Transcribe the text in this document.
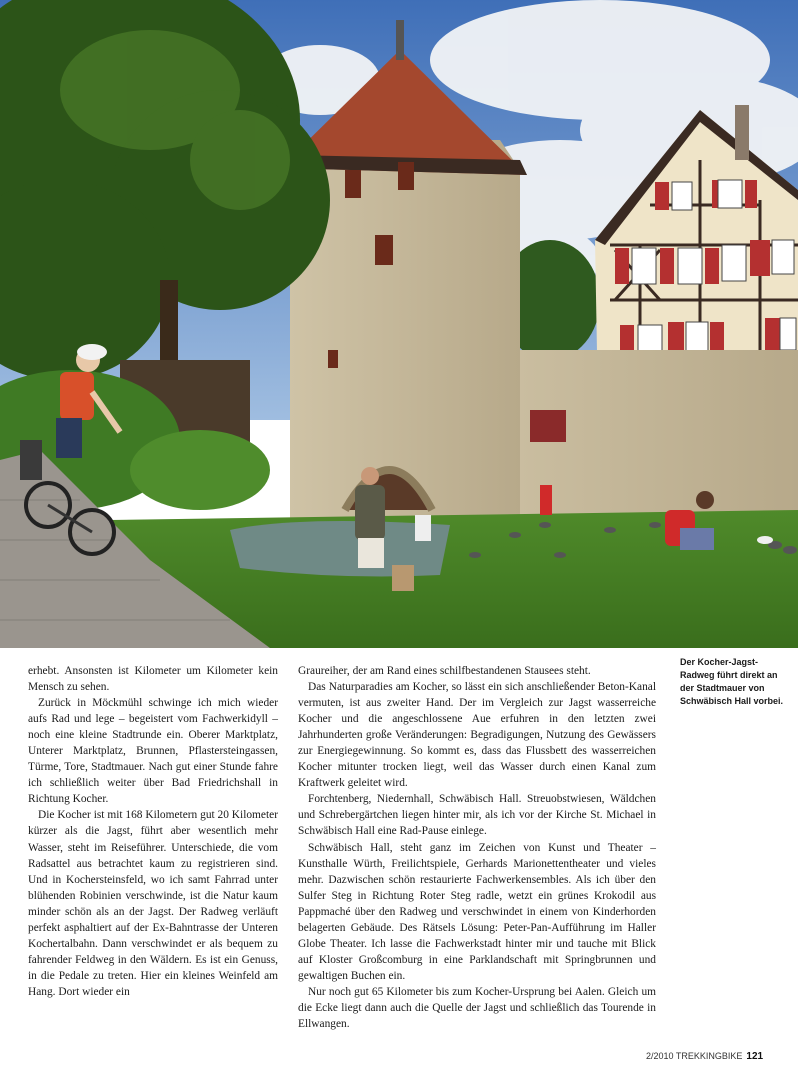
erhebt. Ansonsten ist Kilometer um Kilometer kein Mensch zu sehen.

Zurück in Möckmühl schwinge ich mich wieder aufs Rad und lege – begeistert vom Fachwerkidyll – noch eine kleine Stadtrunde ein. Oberer Marktplatz, Unterer Marktplatz, Brunnen, Pflastersteingassen, Türme, Tore, Stadtmauer. Nach gut einer Stunde fahre ich schließlich weiter über Bad Friedrichshall in Richtung Kocher.

Die Kocher ist mit 168 Kilometern gut 20 Kilometer kürzer als die Jagst, führt aber wesentlich mehr Wasser, steht im Reiseführer. Unterschiede, die vom Radsattel aus betrachtet kaum zu registrieren sind. Und in Kochersteinsfeld, wo ich samt Fahrrad unter blühenden Robinien verschwinde, ist die Natur kaum minder schön als an der Jagst. Der Radweg verläuft perfekt asphaltiert auf der Ex-Bahntrasse der Unteren Kochertalbahn. Dann verschwindet er als bequem zu fahrender Feldweg in den Wäldern. Es ist ein Genuss, in die Pedale zu treten. Hier ein kleines Weinfeld am Hang. Dort wieder ein

Graureiher, der am Rand eines schilfbestandenen Stausees steht.

Das Naturparadies am Kocher, so lässt ein sich anschließender Beton-Kanal vermuten, ist aus zweiter Hand. Der im Vergleich zur Jagst wasserreiche Kocher und die angeschlossene Aue erfuhren in den letzten zwei Jahrhunderten große Veränderungen: Begradigungen, Nutzung des Gewässers zur Energiegewinnung. So kommt es, dass das Flussbett des wasserreichen Kocher mitunter trocken liegt, weil das Wasser durch einen Kanal zum Kraftwerk geleitet wird.

Forchtenberg, Niedernhall, Schwäbisch Hall. Streuobstwiesen, Wäldchen und Schrebergärtchen liegen hinter mir, als ich vor der Kirche St. Michael in Schwäbisch Hall eine Rad-Pause einlege.

Schwäbisch Hall, steht ganz im Zeichen von Kunst und Theater – Kunsthalle Würth, Freilichtspiele, Gerhards Marionettentheater und vieles mehr. Dazwischen schön restaurierte Fachwerkensembles. Als ich über den Sulfer Steg in Richtung Roter Steg radle, wetzt ein grünes Krokodil aus Pappmaché über den Radweg und verschwindet in einem von Kinderhorden belagerten Gebäude. Des Rätsels Lösung: Peter-Pan-Aufführung im Haller Globe Theater. Ich lasse die Fachwerkstadt hinter mir und tauche mit Blick auf Kloster Großcomburg in eine Parklandschaft mit Springbrunnen und gewaltigen Buchen ein.

Nur noch gut 65 Kilometer bis zum Kocher-Ursprung bei Aalen. Gleich um die Ecke liegt dann auch die Quelle der Jagst und schließlich das Tourende in Ellwangen.

Der Kocher-Jagst-Radweg führt direkt an der Stadtmauer von Schwäbisch Hall vorbei.
2/2010 TREKKINGBIKE 121
